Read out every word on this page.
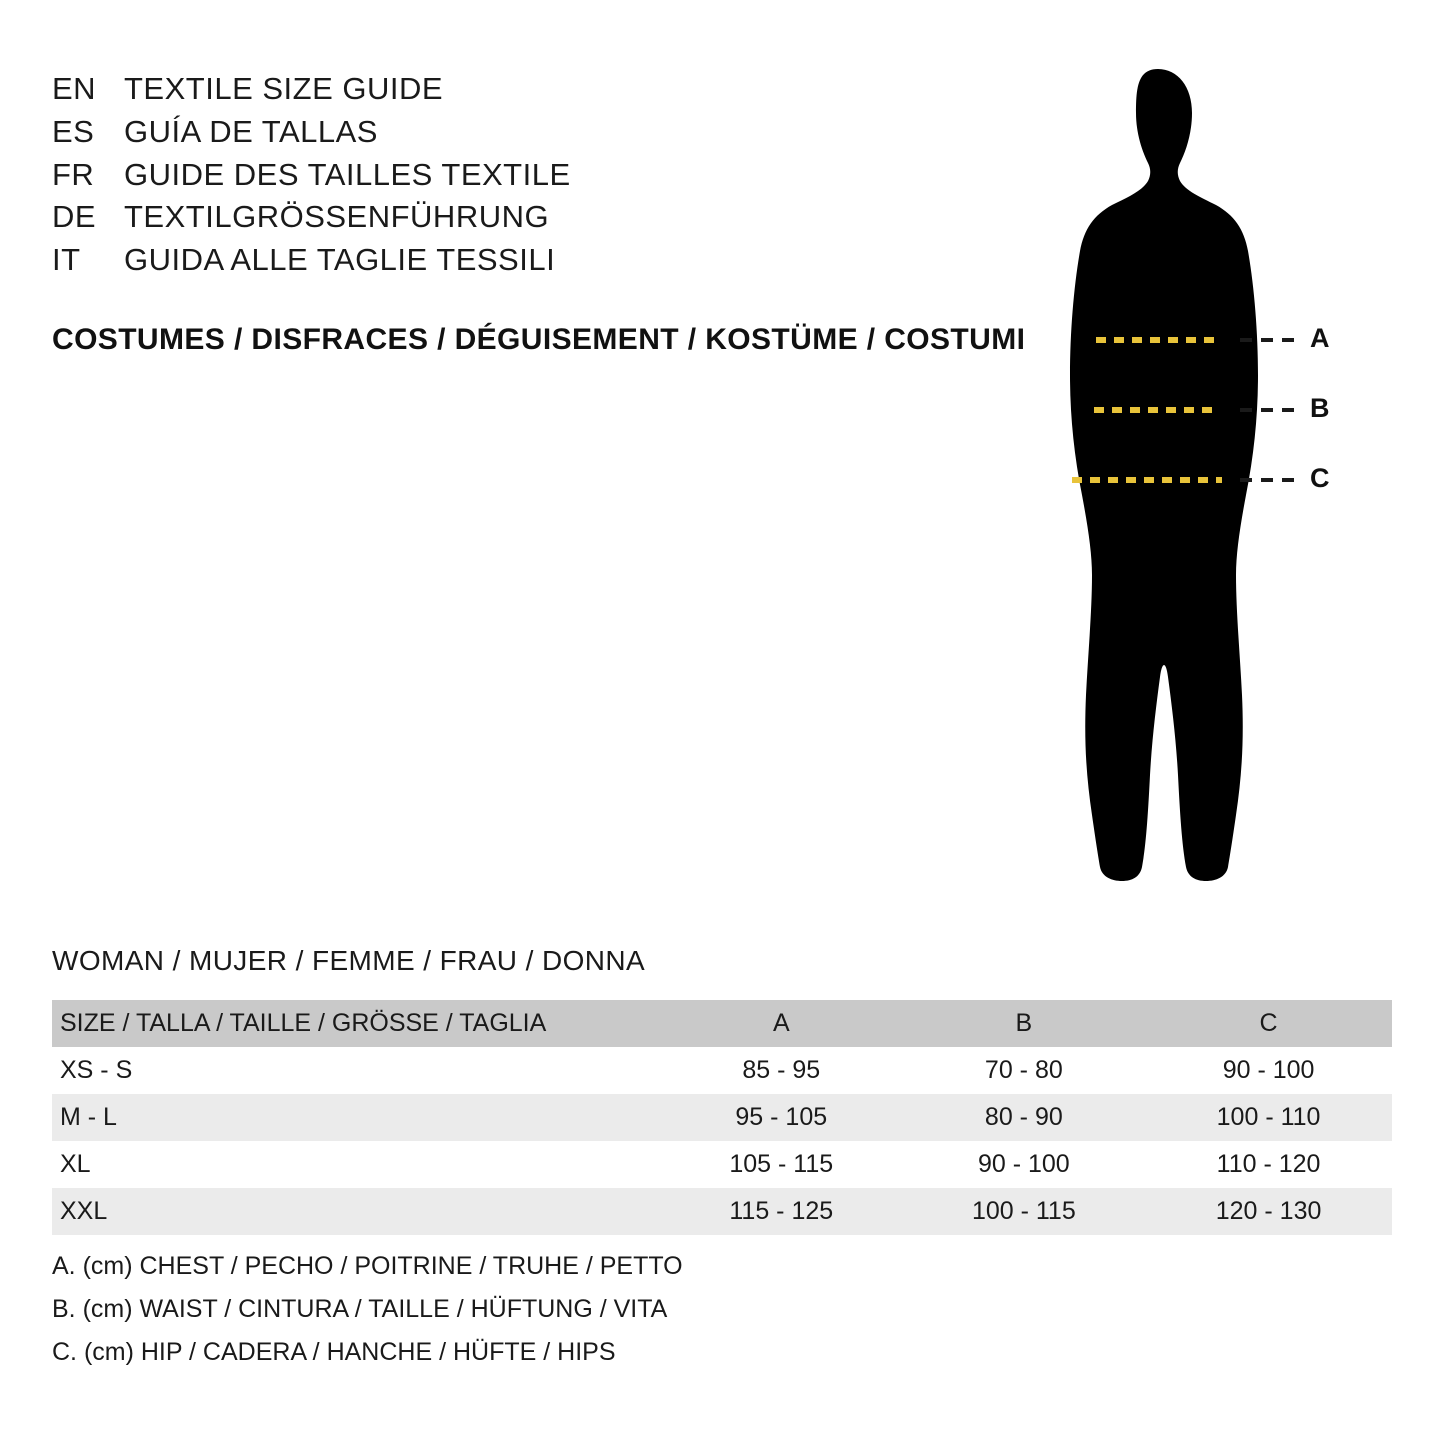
EN TEXTILE SIZE GUIDE
ES GUÍA DE TALLAS
FR GUIDE DES TAILLES TEXTILE
DE TEXTILGRÖSSENFÜHRUNG
IT	GUIDA ALLE TAGLIE TESSILI
COSTUMES / DISFRACES / DÉGUISEMENT / KOSTÜME / COSTUMI	A
B
C
WOMAN / MUJER / FEMME / FRAU / DONNA
SIZE / TALLA / TAILLE / GRÖSSE / TAGLIA	A	B	C
XS - S	85 - 95	70 - 80	90 - 100
M - L	95 - 105	80 - 90	100 - 110
XL	105 - 115	90 - 100	110 - 120
XXL	115 - 125	100 - 115	120 - 130
A. (cm) CHEST / PECHO / POITRINE / TRUHE / PETTO
B. (cm) WAIST / CINTURA / TAILLE / HÜFTUNG / VITA
C. (cm) HIP / CADERA / HANCHE / HÜFTE / HIPS
